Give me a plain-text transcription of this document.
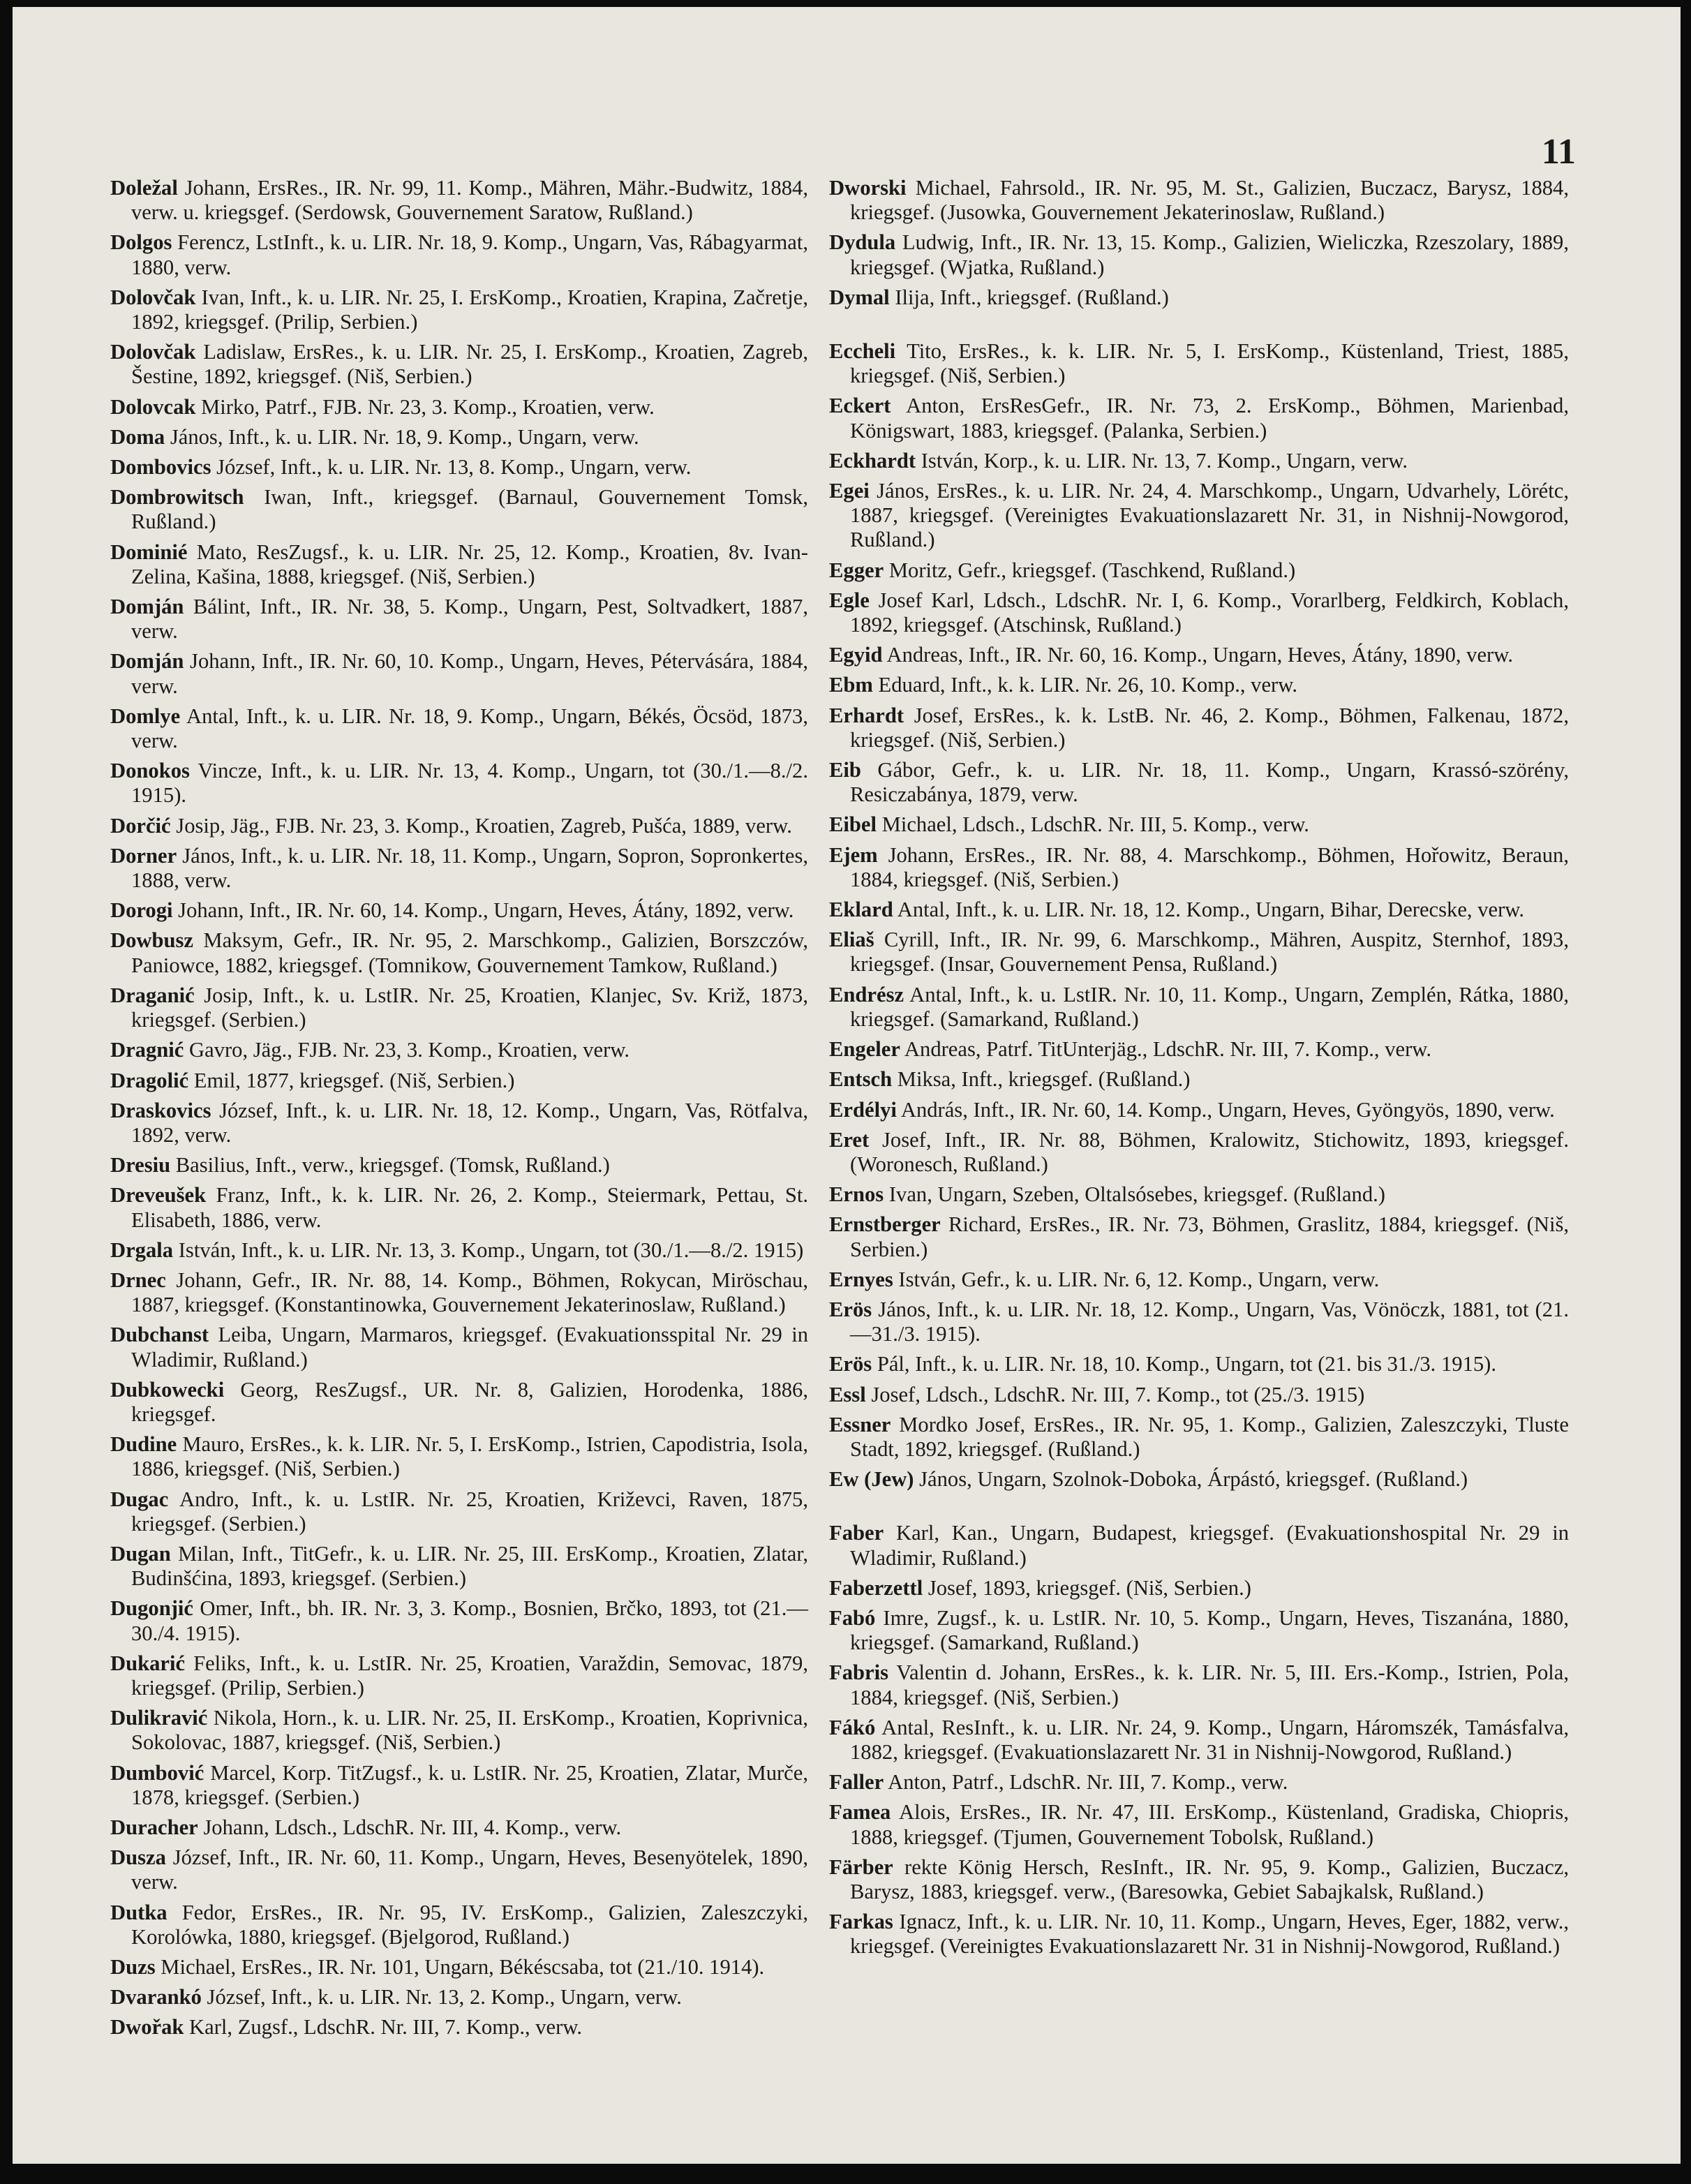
11

Doležal Johann, ErsRes., IR. Nr. 99, 11. Komp., Mähren, Mähr.-Budwitz, 1884, verw. u. kriegsgef. (Serdowsk, Gouvernement Saratow, Rußland.)

Dolgos Ferencz, LstInft., k. u. LIR. Nr. 18, 9. Komp., Ungarn, Vas, Rábagyarmat, 1880, verw.

Dolovčak Ivan, Inft., k. u. LIR. Nr. 25, I. ErsKomp., Kroatien, Krapina, Začretje, 1892, kriegsgef. (Prilip, Serbien.)

Dolovčak Ladislaw, ErsRes., k. u. LIR. Nr. 25, I. ErsKomp., Kroatien, Zagreb, Šestine, 1892, kriegsgef. (Niš, Serbien.)

Dolovcak Mirko, Patrf., FJB. Nr. 23, 3. Komp., Kroatien, verw.

Doma János, Inft., k. u. LIR. Nr. 18, 9. Komp., Ungarn, verw.

Dombovics József, Inft., k. u. LIR. Nr. 13, 8. Komp., Ungarn, verw.

Dombrowitsch Iwan, Inft., kriegsgef. (Barnaul, Gouvernement Tomsk, Rußland.)

Dominié Mato, ResZugsf., k. u. LIR. Nr. 25, 12. Komp., Kroatien, 8v. Ivan-Zelina, Kašina, 1888, kriegsgef. (Niš, Serbien.)

Domján Bálint, Inft., IR. Nr. 38, 5. Komp., Ungarn, Pest, Soltvadkert, 1887, verw.

Domján Johann, Inft., IR. Nr. 60, 10. Komp., Ungarn, Heves, Pétervására, 1884, verw.

Domlye Antal, Inft., k. u. LIR. Nr. 18, 9. Komp., Ungarn, Békés, Öcsöd, 1873, verw.

Donokos Vincze, Inft., k. u. LIR. Nr. 13, 4. Komp., Ungarn, tot (30./1.—8./2. 1915).

Dorčić Josip, Jäg., FJB. Nr. 23, 3. Komp., Kroatien, Zagreb, Pušća, 1889, verw.

Dorner János, Inft., k. u. LIR. Nr. 18, 11. Komp., Ungarn, Sopron, Sopronkertes, 1888, verw.

Dorogi Johann, Inft., IR. Nr. 60, 14. Komp., Ungarn, Heves, Átány, 1892, verw.

Dowbusz Maksym, Gefr., IR. Nr. 95, 2. Marschkomp., Galizien, Borszczów, Paniowce, 1882, kriegsgef. (Tomnikow, Gouvernement Tamkow, Rußland.)

Draganić Josip, Inft., k. u. LstIR. Nr. 25, Kroatien, Klanjec, Sv. Križ, 1873, kriegsgef. (Serbien.)

Dragnić Gavro, Jäg., FJB. Nr. 23, 3. Komp., Kroatien, verw.

Dragolić Emil, 1877, kriegsgef. (Niš, Serbien.)

Draskovics József, Inft., k. u. LIR. Nr. 18, 12. Komp., Ungarn, Vas, Rötfalva, 1892, verw.

Dresiu Basilius, Inft., verw., kriegsgef. (Tomsk, Rußland.)

Dreveušek Franz, Inft., k. k. LIR. Nr. 26, 2. Komp., Steiermark, Pettau, St. Elisabeth, 1886, verw.

Drgala István, Inft., k. u. LIR. Nr. 13, 3. Komp., Ungarn, tot (30./1.—8./2. 1915)

Drnec Johann, Gefr., IR. Nr. 88, 14. Komp., Böhmen, Rokycan, Miröschau, 1887, kriegsgef. (Konstantinowka, Gouvernement Jekaterinoslaw, Rußland.)

Dubchanst Leiba, Ungarn, Marmaros, kriegsgef. (Evakuationsspital Nr. 29 in Wladimir, Rußland.)

Dubkowecki Georg, ResZugsf., UR. Nr. 8, Galizien, Horodenka, 1886, kriegsgef.

Dudine Mauro, ErsRes., k. k. LIR. Nr. 5, I. ErsKomp., Istrien, Capodistria, Isola, 1886, kriegsgef. (Niš, Serbien.)

Dugac Andro, Inft., k. u. LstIR. Nr. 25, Kroatien, Križevci, Raven, 1875, kriegsgef. (Serbien.)

Dugan Milan, Inft., TitGefr., k. u. LIR. Nr. 25, III. ErsKomp., Kroatien, Zlatar, Budinšćina, 1893, kriegsgef. (Serbien.)

Dugonjić Omer, Inft., bh. IR. Nr. 3, 3. Komp., Bosnien, Brčko, 1893, tot (21.—30./4. 1915).

Dukarić Feliks, Inft., k. u. LstIR. Nr. 25, Kroatien, Varaždin, Semovac, 1879, kriegsgef. (Prilip, Serbien.)

Dulikravić Nikola, Horn., k. u. LIR. Nr. 25, II. ErsKomp., Kroatien, Koprivnica, Sokolovac, 1887, kriegsgef. (Niš, Serbien.)

Dumbović Marcel, Korp. TitZugsf., k. u. LstIR. Nr. 25, Kroatien, Zlatar, Murče, 1878, kriegsgef. (Serbien.)

Duracher Johann, Ldsch., LdschR. Nr. III, 4. Komp., verw.

Dusza József, Inft., IR. Nr. 60, 11. Komp., Ungarn, Heves, Besenyötelek, 1890, verw.

Dutka Fedor, ErsRes., IR. Nr. 95, IV. ErsKomp., Galizien, Zaleszczyki, Korolówka, 1880, kriegsgef. (Bjelgorod, Rußland.)

Duzs Michael, ErsRes., IR. Nr. 101, Ungarn, Békéscsaba, tot (21./10. 1914).

Dvarankó József, Inft., k. u. LIR. Nr. 13, 2. Komp., Ungarn, verw.

Dwořak Karl, Zugsf., LdschR. Nr. III, 7. Komp., verw.

Dworski Michael, Fahrsold., IR. Nr. 95, M. St., Galizien, Buczacz, Barysz, 1884, kriegsgef. (Jusowka, Gouvernement Jekaterinoslaw, Rußland.)

Dydula Ludwig, Inft., IR. Nr. 13, 15. Komp., Galizien, Wieliczka, Rzeszolary, 1889, kriegsgef. (Wjatka, Rußland.)

Dymal Ilija, Inft., kriegsgef. (Rußland.)

Eccheli Tito, ErsRes., k. k. LIR. Nr. 5, I. ErsKomp., Küstenland, Triest, 1885, kriegsgef. (Niš, Serbien.)

Eckert Anton, ErsResGefr., IR. Nr. 73, 2. ErsKomp., Böhmen, Marienbad, Königswart, 1883, kriegsgef. (Palanka, Serbien.)

Eckhardt István, Korp., k. u. LIR. Nr. 13, 7. Komp., Ungarn, verw.

Egei János, ErsRes., k. u. LIR. Nr. 24, 4. Marschkomp., Ungarn, Udvarhely, Lörétc, 1887, kriegsgef. (Vereinigtes Evakuationslazarett Nr. 31, in Nishnij-Nowgorod, Rußland.)

Egger Moritz, Gefr., kriegsgef. (Taschkend, Rußland.)

Egle Josef Karl, Ldsch., LdschR. Nr. I, 6. Komp., Vorarlberg, Feldkirch, Koblach, 1892, kriegsgef. (Atschinsk, Rußland.)

Egyid Andreas, Inft., IR. Nr. 60, 16. Komp., Ungarn, Heves, Átány, 1890, verw.

Ebm Eduard, Inft., k. k. LIR. Nr. 26, 10. Komp., verw.

Erhardt Josef, ErsRes., k. k. LstB. Nr. 46, 2. Komp., Böhmen, Falkenau, 1872, kriegsgef. (Niš, Serbien.)

Eib Gábor, Gefr., k. u. LIR. Nr. 18, 11. Komp., Ungarn, Krassó-szörény, Resiczabánya, 1879, verw.

Eibel Michael, Ldsch., LdschR. Nr. III, 5. Komp., verw.

Ejem Johann, ErsRes., IR. Nr. 88, 4. Marschkomp., Böhmen, Hořowitz, Beraun, 1884, kriegsgef. (Niš, Serbien.)

Eklard Antal, Inft., k. u. LIR. Nr. 18, 12. Komp., Ungarn, Bihar, Derecske, verw.

Eliaš Cyrill, Inft., IR. Nr. 99, 6. Marschkomp., Mähren, Auspitz, Sternhof, 1893, kriegsgef. (Insar, Gouvernement Pensa, Rußland.)

Endrész Antal, Inft., k. u. LstIR. Nr. 10, 11. Komp., Ungarn, Zemplén, Rátka, 1880, kriegsgef. (Samarkand, Rußland.)

Engeler Andreas, Patrf. TitUnterjäg., LdschR. Nr. III, 7. Komp., verw.

Entsch Miksa, Inft., kriegsgef. (Rußland.)

Erdélyi András, Inft., IR. Nr. 60, 14. Komp., Ungarn, Heves, Gyöngyös, 1890, verw.

Eret Josef, Inft., IR. Nr. 88, Böhmen, Kralowitz, Stichowitz, 1893, kriegsgef. (Woronesch, Rußland.)

Ernos Ivan, Ungarn, Szeben, Oltalsósebes, kriegsgef. (Rußland.)

Ernstberger Richard, ErsRes., IR. Nr. 73, Böhmen, Graslitz, 1884, kriegsgef. (Niš, Serbien.)

Ernyes István, Gefr., k. u. LIR. Nr. 6, 12. Komp., Ungarn, verw.

Erös János, Inft., k. u. LIR. Nr. 18, 12. Komp., Ungarn, Vas, Vönöczk, 1881, tot (21.—31./3. 1915).

Erös Pál, Inft., k. u. LIR. Nr. 18, 10. Komp., Ungarn, tot (21. bis 31./3. 1915).

Essl Josef, Ldsch., LdschR. Nr. III, 7. Komp., tot (25./3. 1915)

Essner Mordko Josef, ErsRes., IR. Nr. 95, 1. Komp., Galizien, Zaleszczyki, Tluste Stadt, 1892, kriegsgef. (Rußland.)

Ew (Jew) János, Ungarn, Szolnok-Doboka, Árpástó, kriegsgef. (Rußland.)

Faber Karl, Kan., Ungarn, Budapest, kriegsgef. (Evakuationshospital Nr. 29 in Wladimir, Rußland.)

Faberzettl Josef, 1893, kriegsgef. (Niš, Serbien.)

Fabó Imre, Zugsf., k. u. LstIR. Nr. 10, 5. Komp., Ungarn, Heves, Tiszanána, 1880, kriegsgef. (Samarkand, Rußland.)

Fabris Valentin d. Johann, ErsRes., k. k. LIR. Nr. 5, III. Ers.-Komp., Istrien, Pola, 1884, kriegsgef. (Niš, Serbien.)

Fákó Antal, ResInft., k. u. LIR. Nr. 24, 9. Komp., Ungarn, Háromszék, Tamásfalva, 1882, kriegsgef. (Evakuationslazarett Nr. 31 in Nishnij-Nowgorod, Rußland.)

Faller Anton, Patrf., LdschR. Nr. III, 7. Komp., verw.

Famea Alois, ErsRes., IR. Nr. 47, III. ErsKomp., Küstenland, Gradiska, Chiopris, 1888, kriegsgef. (Tjumen, Gouvernement Tobolsk, Rußland.)

Färber rekte König Hersch, ResInft., IR. Nr. 95, 9. Komp., Galizien, Buczacz, Barysz, 1883, kriegsgef. verw., (Baresowka, Gebiet Sabajkalsk, Rußland.)

Farkas Ignacz, Inft., k. u. LIR. Nr. 10, 11. Komp., Ungarn, Heves, Eger, 1882, verw., kriegsgef. (Vereinigtes Evakuationslazarett Nr. 31 in Nishnij-Nowgorod, Rußland.)
